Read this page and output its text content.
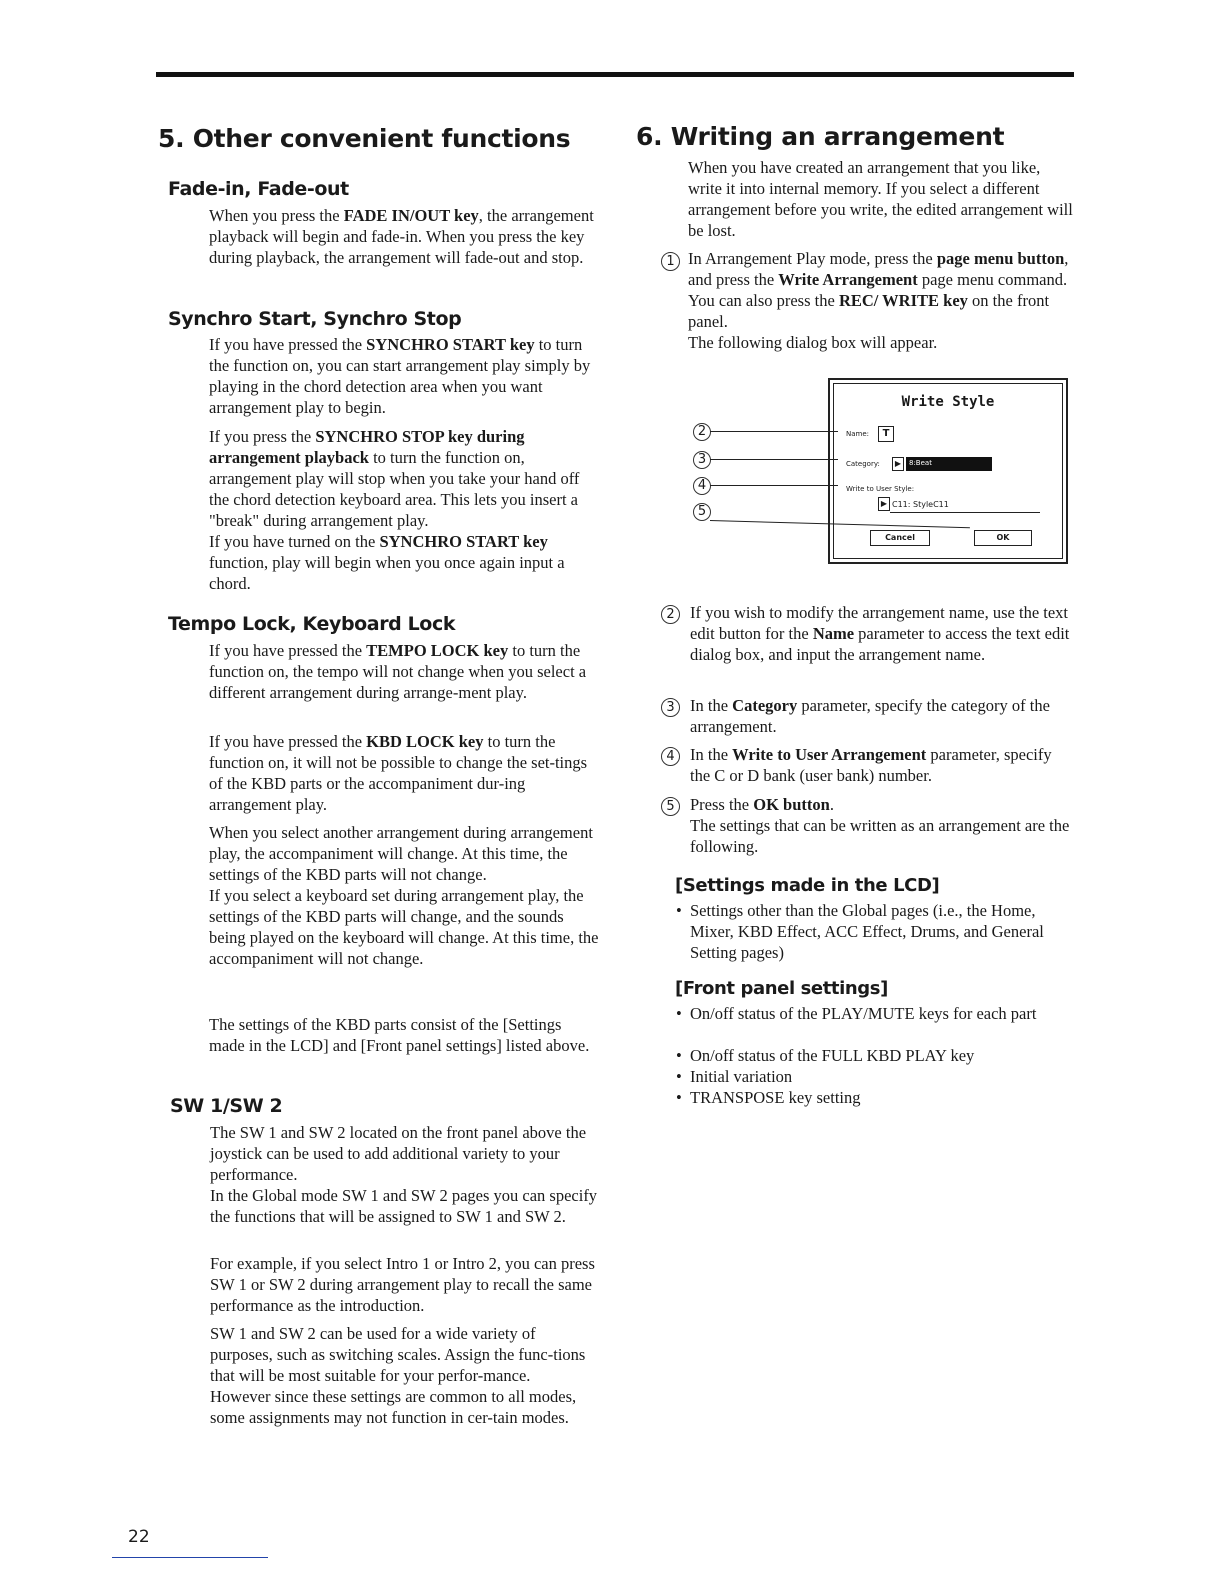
5. Other convenient functions
Fade-in, Fade-out

When you press the FADE IN/OUT key, the arrangement playback will begin and fade-in. When you press the key during playback, the arrangement will fade-out and stop.

Synchro Start, Synchro Stop

If you have pressed the SYNCHRO START key to turn the function on, you can start arrangement play simply by playing in the chord detection area when you want arrangement play to begin.

If you press the SYNCHRO STOP key during arrangement playback to turn the function on, arrangement play will stop when you take your hand off the chord detection keyboard area. This lets you insert a "break" during arrangement play.
If you have turned on the SYNCHRO START key function, play will begin when you once again input a chord.

Tempo Lock, Keyboard Lock

If you have pressed the TEMPO LOCK key to turn the function on, the tempo will not change when you select a different arrangement during arrange-ment play.

If you have pressed the KBD LOCK key to turn the function on, it will not be possible to change the set-tings of the KBD parts or the accompaniment dur-ing arrangement play.

When you select another arrangement during arrangement play, the accompaniment will change. At this time, the settings of the KBD parts will not change.
If you select a keyboard set during arrangement play, the settings of the KBD parts will change, and the sounds being played on the keyboard will change. At this time, the accompaniment will not change.

The settings of the KBD parts consist of the [Settings made in the LCD] and [Front panel settings] listed above.

SW 1/SW 2

The SW 1 and SW 2 located on the front panel above the joystick can be used to add additional variety to your performance.
In the Global mode SW 1 and SW 2 pages you can specify the functions that will be assigned to SW 1 and SW 2.

For example, if you select Intro 1 or Intro 2, you can press SW 1 or SW 2 during arrangement play to recall the same performance as the introduction.

SW 1 and SW 2 can be used for a wide variety of purposes, such as switching scales. Assign the func-tions that will be most suitable for your perfor-mance.
However since these settings are common to all modes, some assignments may not function in cer-tain modes.

6. Writing an arrangement

When you have created an arrangement that you like, write it into internal memory. If you select a different arrangement before you write, the edited arrangement will be lost.

1 In Arrangement Play mode, press the page menu button, and press the Write Arrangement page menu command. You can also press the REC/ WRITE key on the front panel.
The following dialog box will appear.

Write Style
Name:	T
Category:	▶	8:Beat
Write to User Style:
▶ C11: StyleC11
Cancel	OK
2
3
4
5
2 If you wish to modify the arrangement name, use the text edit button for the Name parameter to access the text edit dialog box, and input the arrangement name.

3 In the Category parameter, specify the category of the arrangement.

4 In the Write to User Arrangement parameter, specify the C or D bank (user bank) number.

5 Press the OK button.
The settings that can be written as an arrangement are the following.

[Settings made in the LCD]
• Settings other than the Global pages (i.e., the Home, Mixer, KBD Effect, ACC Effect, Drums, and General Setting pages)
[Front panel settings]
• On/off status of the PLAY/MUTE keys for each part
• On/off status of the FULL KBD PLAY key
• Initial variation
• TRANSPOSE key setting
22
